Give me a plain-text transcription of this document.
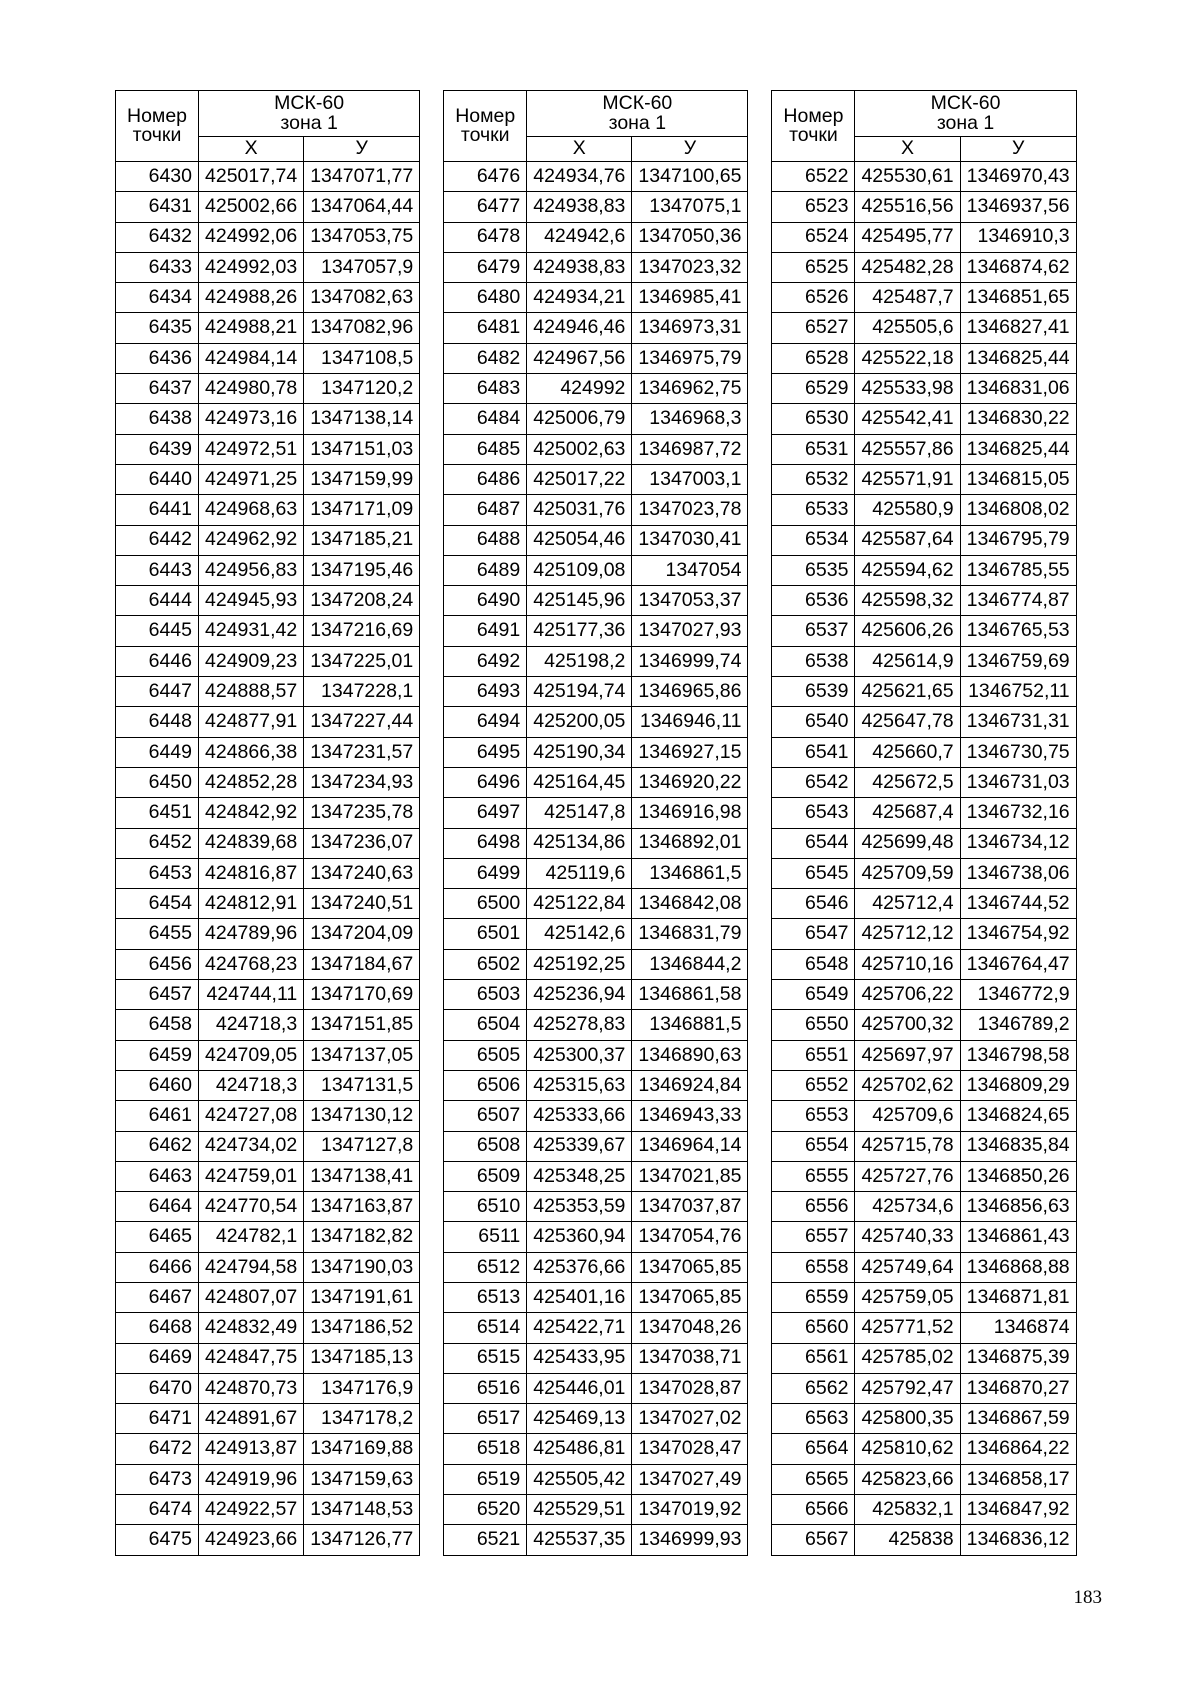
Номер
точки	МСК-60
зона 1	
	X	У
6430	425017,74	1347071,77
6431	425002,66	1347064,44
6432	424992,06	1347053,75
6433	424992,03	1347057,9
6434	424988,26	1347082,63
6435	424988,21	1347082,96
6436	424984,14	1347108,5
6437	424980,78	1347120,2
6438	424973,16	1347138,14
6439	424972,51	1347151,03
6440	424971,25	1347159,99
6441	424968,63	1347171,09
6442	424962,92	1347185,21
6443	424956,83	1347195,46
6444	424945,93	1347208,24
6445	424931,42	1347216,69
6446	424909,23	1347225,01
6447	424888,57	1347228,1
6448	424877,91	1347227,44
6449	424866,38	1347231,57
6450	424852,28	1347234,93
6451	424842,92	1347235,78
6452	424839,68	1347236,07
6453	424816,87	1347240,63
6454	424812,91	1347240,51
6455	424789,96	1347204,09
6456	424768,23	1347184,67
6457	424744,11	1347170,69
6458	424718,3	1347151,85
6459	424709,05	1347137,05
6460	424718,3	1347131,5
6461	424727,08	1347130,12
6462	424734,02	1347127,8
6463	424759,01	1347138,41
6464	424770,54	1347163,87
6465	424782,1	1347182,82
6466	424794,58	1347190,03
6467	424807,07	1347191,61
6468	424832,49	1347186,52
6469	424847,75	1347185,13
6470	424870,73	1347176,9
6471	424891,67	1347178,2
6472	424913,87	1347169,88
6473	424919,96	1347159,63
6474	424922,57	1347148,53
6475	424923,66	1347126,77
Номер
точки	МСК-60
зона 1	
	X	У
6476	424934,76	1347100,65
6477	424938,83	1347075,1
6478	424942,6	1347050,36
6479	424938,83	1347023,32
6480	424934,21	1346985,41
6481	424946,46	1346973,31
6482	424967,56	1346975,79
6483	424992	1346962,75
6484	425006,79	1346968,3
6485	425002,63	1346987,72
6486	425017,22	1347003,1
6487	425031,76	1347023,78
6488	425054,46	1347030,41
6489	425109,08	1347054
6490	425145,96	1347053,37
6491	425177,36	1347027,93
6492	425198,2	1346999,74
6493	425194,74	1346965,86
6494	425200,05	1346946,11
6495	425190,34	1346927,15
6496	425164,45	1346920,22
6497	425147,8	1346916,98
6498	425134,86	1346892,01
6499	425119,6	1346861,5
6500	425122,84	1346842,08
6501	425142,6	1346831,79
6502	425192,25	1346844,2
6503	425236,94	1346861,58
6504	425278,83	1346881,5
6505	425300,37	1346890,63
6506	425315,63	1346924,84
6507	425333,66	1346943,33
6508	425339,67	1346964,14
6509	425348,25	1347021,85
6510	425353,59	1347037,87
6511	425360,94	1347054,76
6512	425376,66	1347065,85
6513	425401,16	1347065,85
6514	425422,71	1347048,26
6515	425433,95	1347038,71
6516	425446,01	1347028,87
6517	425469,13	1347027,02
6518	425486,81	1347028,47
6519	425505,42	1347027,49
6520	425529,51	1347019,92
6521	425537,35	1346999,93
Номер
точки	МСК-60
зона 1	
	X	У
6522	425530,61	1346970,43
6523	425516,56	1346937,56
6524	425495,77	1346910,3
6525	425482,28	1346874,62
6526	425487,7	1346851,65
6527	425505,6	1346827,41
6528	425522,18	1346825,44
6529	425533,98	1346831,06
6530	425542,41	1346830,22
6531	425557,86	1346825,44
6532	425571,91	1346815,05
6533	425580,9	1346808,02
6534	425587,64	1346795,79
6535	425594,62	1346785,55
6536	425598,32	1346774,87
6537	425606,26	1346765,53
6538	425614,9	1346759,69
6539	425621,65	1346752,11
6540	425647,78	1346731,31
6541	425660,7	1346730,75
6542	425672,5	1346731,03
6543	425687,4	1346732,16
6544	425699,48	1346734,12
6545	425709,59	1346738,06
6546	425712,4	1346744,52
6547	425712,12	1346754,92
6548	425710,16	1346764,47
6549	425706,22	1346772,9
6550	425700,32	1346789,2
6551	425697,97	1346798,58
6552	425702,62	1346809,29
6553	425709,6	1346824,65
6554	425715,78	1346835,84
6555	425727,76	1346850,26
6556	425734,6	1346856,63
6557	425740,33	1346861,43
6558	425749,64	1346868,88
6559	425759,05	1346871,81
6560	425771,52	1346874
6561	425785,02	1346875,39
6562	425792,47	1346870,27
6563	425800,35	1346867,59
6564	425810,62	1346864,22
6565	425823,66	1346858,17
6566	425832,1	1346847,92
6567	425838	1346836,12
183
